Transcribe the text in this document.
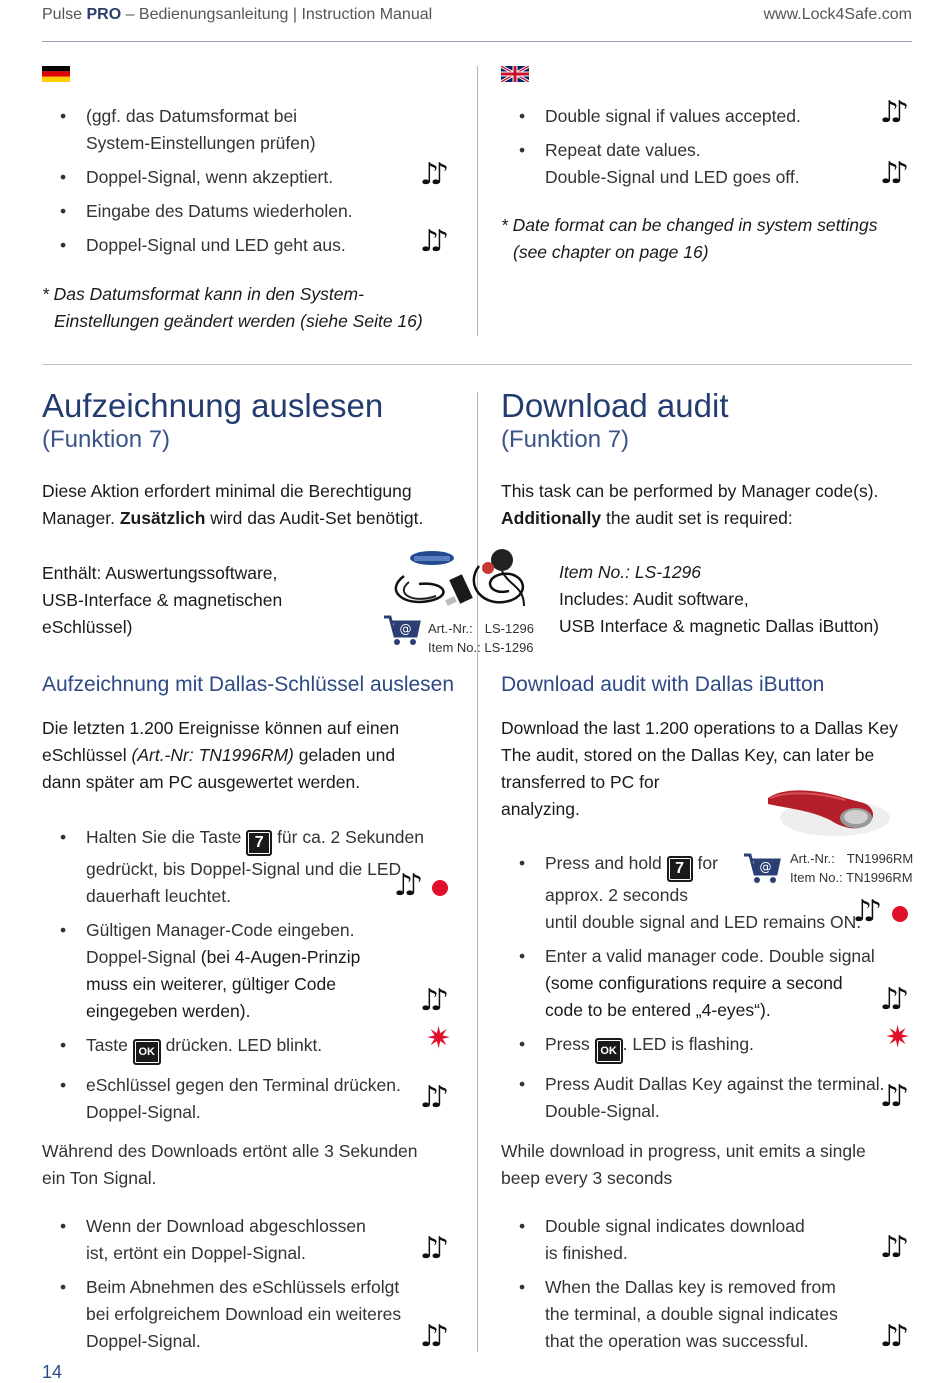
Pulse PRO – Bedienungsanleitung | Instruction Manual	www.Lock4Safe.com
• (ggf. das Datumsformat bei
System-Einstellungen prüfen)
• Doppel-Signal, wenn akzeptiert.
• Eingabe des Datums wiederholen.
• Doppel-Signal und LED geht aus.
♪♪
♪♪
* Das Datumsformat kann in den System-
Einstellungen geändert werden (siehe Seite 16)
• Double signal if values accepted.
• Repeat date values.
Double-Signal und LED goes off.
♪♪
♪♪
* Date format can be changed in system settings
(see chapter on page 16)
Aufzeichnung auslesen
(Funktion 7)
Download audit
(Funktion 7)
Diese Aktion erfordert minimal die Berechtigung
Manager. Zusätzlich wird das Audit-Set benötigt.
This task can be performed by Manager code(s).
Additionally the audit set is required:
Enthält: Auswertungssoftware,
USB-Interface & magnetischen
eSchlüssel)	@ Art.-Nr.: LS-1296
Item No.: LS-1296
Item No.: LS-1296
Includes: Audit software,
USB Interface & magnetic Dallas iButton)
Aufzeichnung mit Dallas-Schlüssel auslesen Download audit with Dallas iButton
Die letzten 1.200 Ereignisse können auf einen
eSchlüssel (Art.-Nr: TN1996RM) geladen und
dann später am PC ausgewertet werden.
Download the last 1.200 operations to a Dallas Key
The audit, stored on the Dallas Key, can later be
transferred to PC for
analyzing.
@
Art.-Nr.: TN1996RM
Item No.: TN1996RM
• Halten Sie die Taste 7 für ca. 2 Sekunden
gedrückt, bis Doppel-Signal und die LED
dauerhaft leuchtet.
• Gültigen Manager-Code eingeben.
Doppel-Signal (bei 4-Augen-Prinzip
muss ein weiterer, gültiger Code
eingegeben werden).
• Taste OK drücken. LED blinkt.
• eSchlüssel gegen den Terminal drücken.
Doppel-Signal.
♪♪
♪♪
✷
♪♪
• Press and hold 7 for
approx. 2 seconds
until double signal and LED remains ON.
• Enter a valid manager code. Double signal
(some configurations require a second
code to be entered „4-eyes“).
• Press OK . LED is flashing.
• Press Audit Dallas Key against the terminal.
Double-Signal.
♪♪
♪♪
✷
♪♪
Während des Downloads ertönt alle 3 Sekunden
ein Ton Signal.
While download in progress, unit emits a single
beep every 3 seconds
• Wenn der Download abgeschlossen
ist, ertönt ein Doppel-Signal.
• Beim Abnehmen des eSchlüssels erfolgt
bei erfolgreichem Download ein weiteres
Doppel-Signal.
♪♪
♪♪
• Double signal indicates download
is finished.
• When the Dallas key is removed from
the terminal, a double signal indicates
that the operation was successful.
♪♪
♪♪
14
